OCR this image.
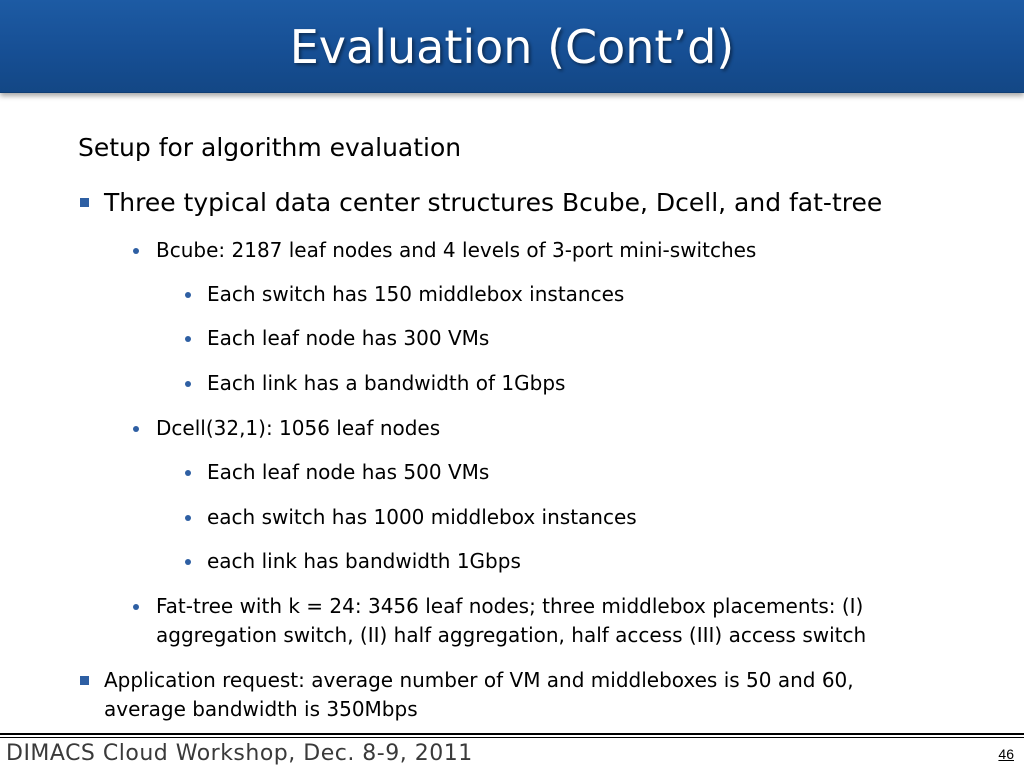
Evaluation (Cont’d)
Setup for algorithm evaluation
Three typical data center structures Bcube, Dcell, and fat-tree
Bcube: 2187 leaf nodes and 4 levels of 3-port mini-switches
Each switch has 150 middlebox instances
Each leaf node has 300 VMs
Each link has a bandwidth of 1Gbps
Dcell(32,1): 1056 leaf nodes
Each leaf node has 500 VMs
each switch has 1000 middlebox instances
each link has bandwidth 1Gbps
Fat-tree with k = 24: 3456 leaf nodes; three middlebox placements: (I)
aggregation switch, (II) half aggregation, half access (III) access switch
Application request: average number of VM and middleboxes is 50 and 60,
average bandwidth is 350Mbps
DIMACS Cloud Workshop, Dec. 8-9, 2011	46
